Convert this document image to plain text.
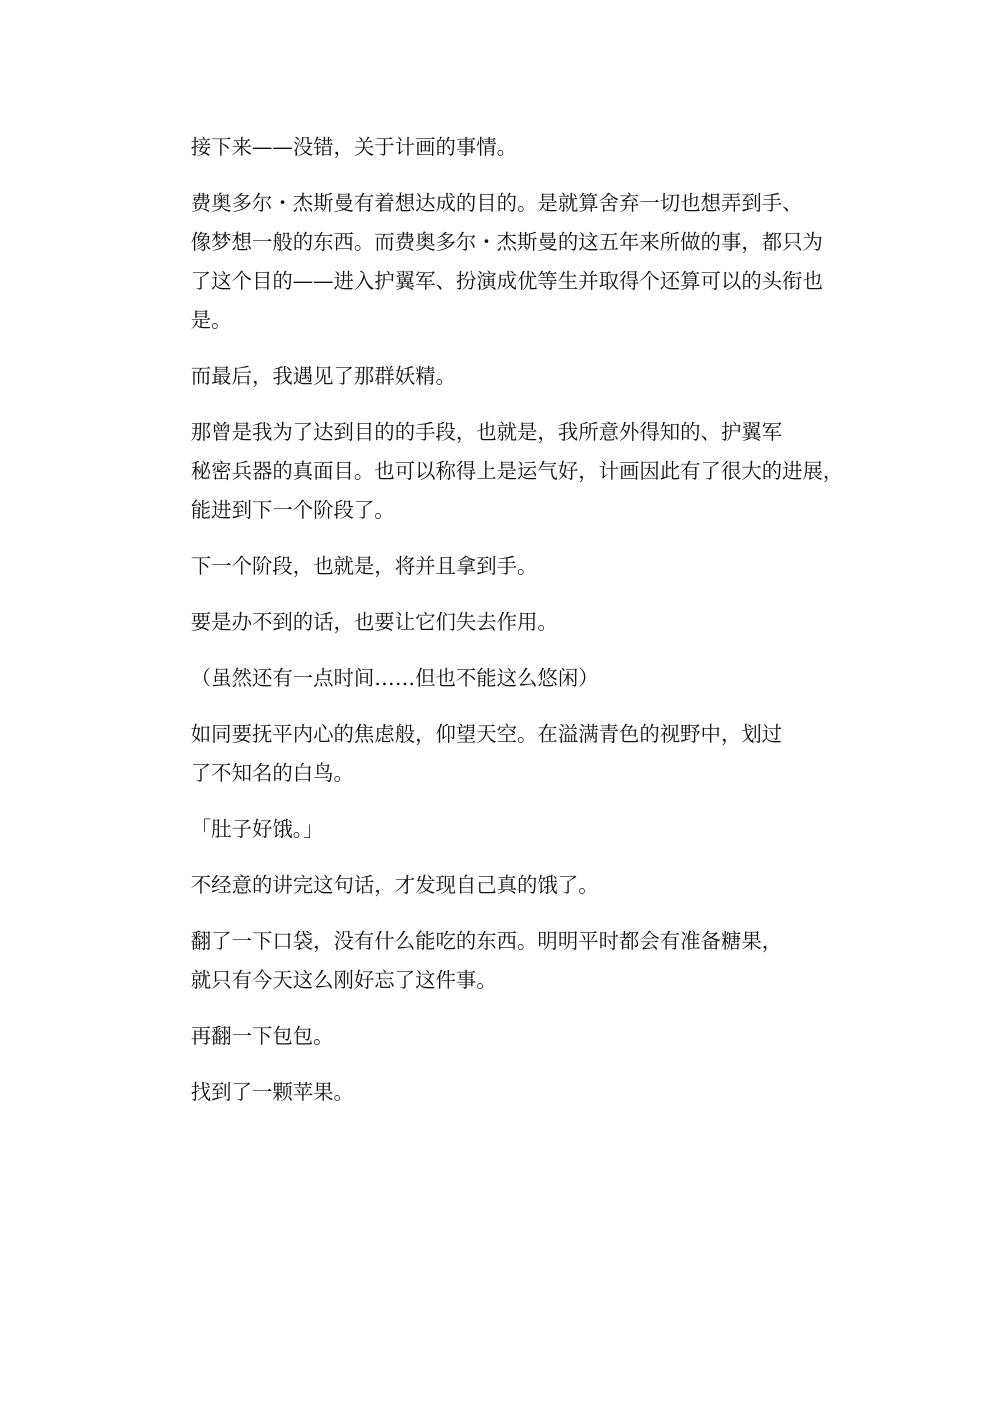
接下来——没错，关于计画的事情。

费奥多尔・杰斯曼有着想达成的目的。是就算舍弃一切也想弄到手、
像梦想一般的东西。而费奥多尔・杰斯曼的这五年来所做的事，都只为
了这个目的——进入护翼军、扮演成优等生并取得个还算可以的头衔也
是。

而最后，我遇见了那群妖精。

那曾是我为了达到目的的手段，也就是，我所意外得知的、护翼军
秘密兵器的真面目。也可以称得上是运气好，计画因此有了很大的进展，
能进到下一个阶段了。

下一个阶段，也就是，将并且拿到手。

要是办不到的话，也要让它们失去作用。

（虽然还有一点时间……但也不能这么悠闲）

如同要抚平内心的焦虑般，仰望天空。在溢满青色的视野中，划过
了不知名的白鸟。

「肚子好饿。」

不经意的讲完这句话，才发现自己真的饿了。

翻了一下口袋，没有什么能吃的东西。明明平时都会有准备糖果，
就只有今天这么刚好忘了这件事。

再翻一下包包。

找到了一颗苹果。
